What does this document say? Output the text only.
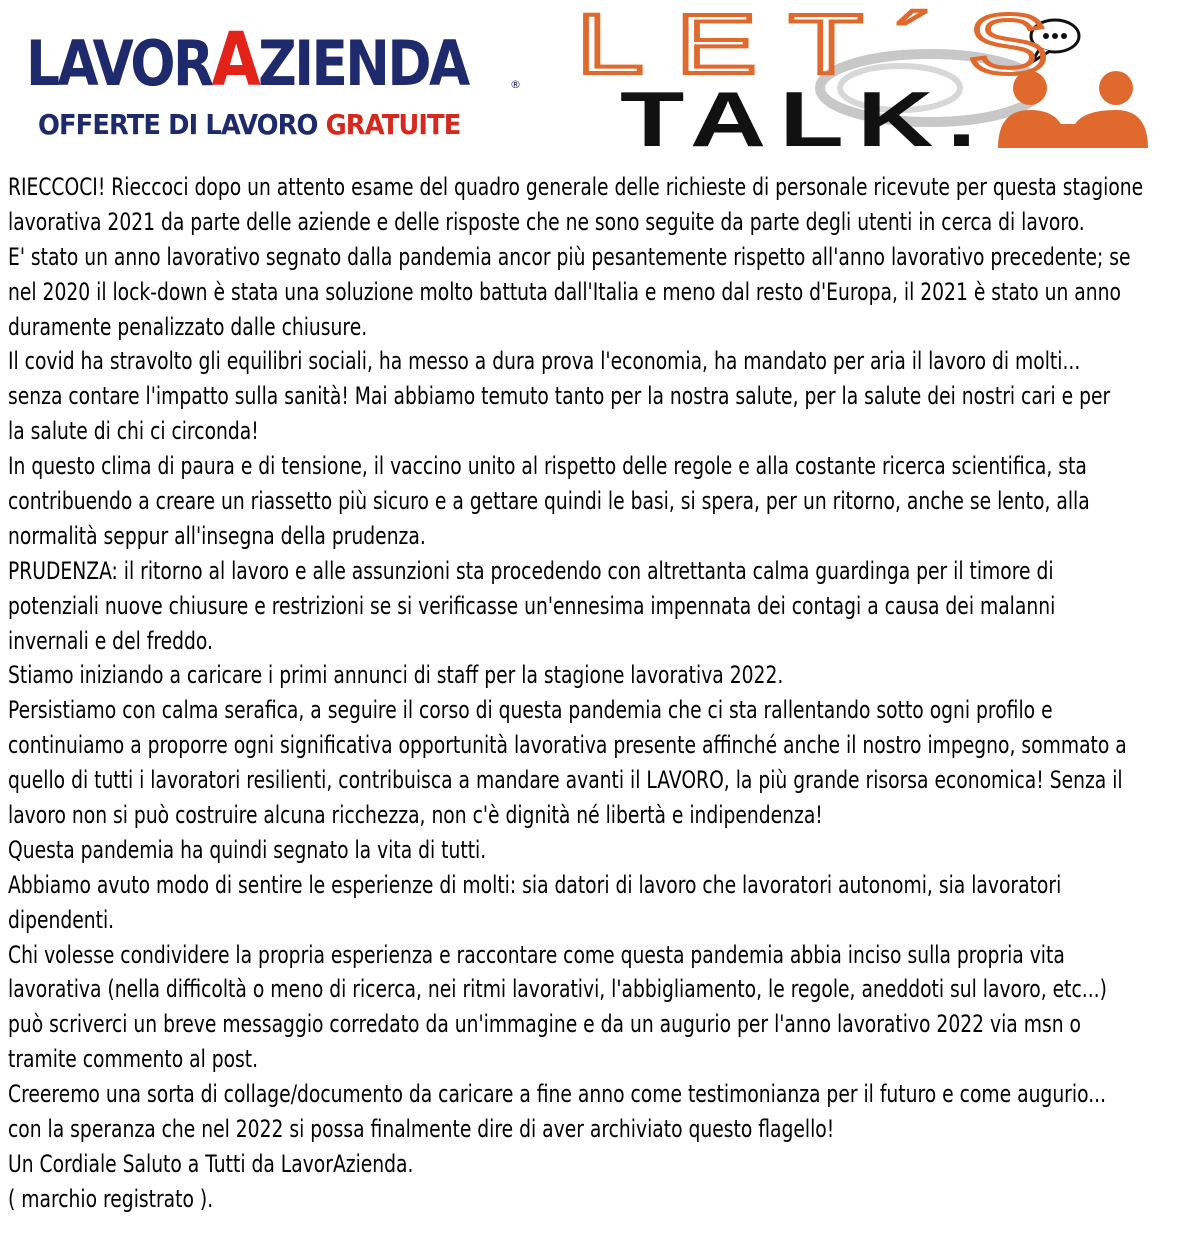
LAVORAZIENDA	®
OFFERTE DI LAVORO GRATUITE
LET´S
TALK.
RIECCOCI! Rieccoci dopo un attento esame del quadro generale delle richieste di personale ricevute per questa stagione
lavorativa 2021 da parte delle aziende e delle risposte che ne sono seguite da parte degli utenti in cerca di lavoro.
E' stato un anno lavorativo segnato dalla pandemia ancor più pesantemente rispetto all'anno lavorativo precedente; se
nel 2020 il lock-down è stata una soluzione molto battuta dall'Italia e meno dal resto d'Europa, il 2021 è stato un anno
duramente penalizzato dalle chiusure.
Il covid ha stravolto gli equilibri sociali, ha messo a dura prova l'economia, ha mandato per aria il lavoro di molti...
senza contare l'impatto sulla sanità! Mai abbiamo temuto tanto per la nostra salute, per la salute dei nostri cari e per
la salute di chi ci circonda!
In questo clima di paura e di tensione, il vaccino unito al rispetto delle regole e alla costante ricerca scientifica, sta
contribuendo a creare un riassetto più sicuro e a gettare quindi le basi, si spera, per un ritorno, anche se lento, alla
normalità seppur all'insegna della prudenza.
PRUDENZA: il ritorno al lavoro e alle assunzioni sta procedendo con altrettanta calma guardinga per il timore di
potenziali nuove chiusure e restrizioni se si verificasse un'ennesima impennata dei contagi a causa dei malanni
invernali e del freddo.
Stiamo iniziando a caricare i primi annunci di staff per la stagione lavorativa 2022.
Persistiamo con calma serafica, a seguire il corso di questa pandemia che ci sta rallentando sotto ogni profilo e
continuiamo a proporre ogni significativa opportunità lavorativa presente affinché anche il nostro impegno, sommato a
quello di tutti i lavoratori resilienti, contribuisca a mandare avanti il LAVORO, la più grande risorsa economica! Senza il
lavoro non si può costruire alcuna ricchezza, non c'è dignità né libertà e indipendenza!
Questa pandemia ha quindi segnato la vita di tutti.
Abbiamo avuto modo di sentire le esperienze di molti: sia datori di lavoro che lavoratori autonomi, sia lavoratori
dipendenti.
Chi volesse condividere la propria esperienza e raccontare come questa pandemia abbia inciso sulla propria vita
lavorativa (nella difficoltà o meno di ricerca, nei ritmi lavorativi, l'abbigliamento, le regole, aneddoti sul lavoro, etc...)
può scriverci un breve messaggio corredato da un'immagine e da un augurio per l'anno lavorativo 2022 via msn o
tramite commento al post.
Creeremo una sorta di collage/documento da caricare a fine anno come testimonianza per il futuro e come augurio...
con la speranza che nel 2022 si possa finalmente dire di aver archiviato questo flagello!
Un Cordiale Saluto a Tutti da LavorAzienda.
( marchio registrato ).
